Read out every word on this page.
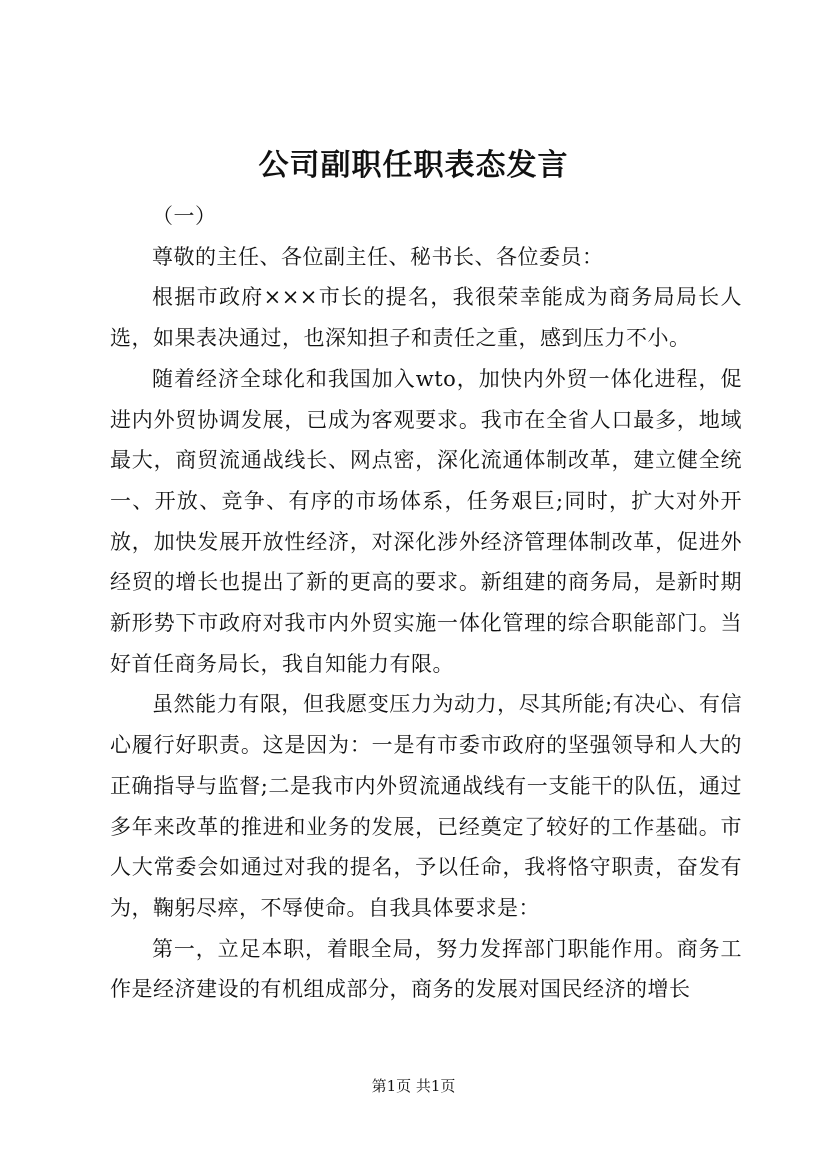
公司副职任职表态发言

（一）

尊敬的主任、各位副主任、秘书长、各位委员：

根据市政府×××市长的提名，我很荣幸能成为商务局局长人选，如果表决通过，也深知担子和责任之重，感到压力不小。

随着经济全球化和我国加入wto，加快内外贸一体化进程，促进内外贸协调发展，已成为客观要求。我市在全省人口最多，地域最大，商贸流通战线长、网点密，深化流通体制改革，建立健全统一、开放、竞争、有序的市场体系，任务艰巨;同时，扩大对外开放，加快发展开放性经济，对深化涉外经济管理体制改革，促进外经贸的增长也提出了新的更高的要求。新组建的商务局，是新时期新形势下市政府对我市内外贸实施一体化管理的综合职能部门。当好首任商务局长，我自知能力有限。

虽然能力有限，但我愿变压力为动力，尽其所能;有决心、有信心履行好职责。这是因为：一是有市委市政府的坚强领导和人大的正确指导与监督;二是我市内外贸流通战线有一支能干的队伍，通过多年来改革的推进和业务的发展，已经奠定了较好的工作基础。市人大常委会如通过对我的提名，予以任命，我将恪守职责，奋发有为，鞠躬尽瘁，不辱使命。自我具体要求是：

第一，立足本职，着眼全局，努力发挥部门职能作用。商务工作是经济建设的有机组成部分，商务的发展对国民经济的增长

第1页 共1页
